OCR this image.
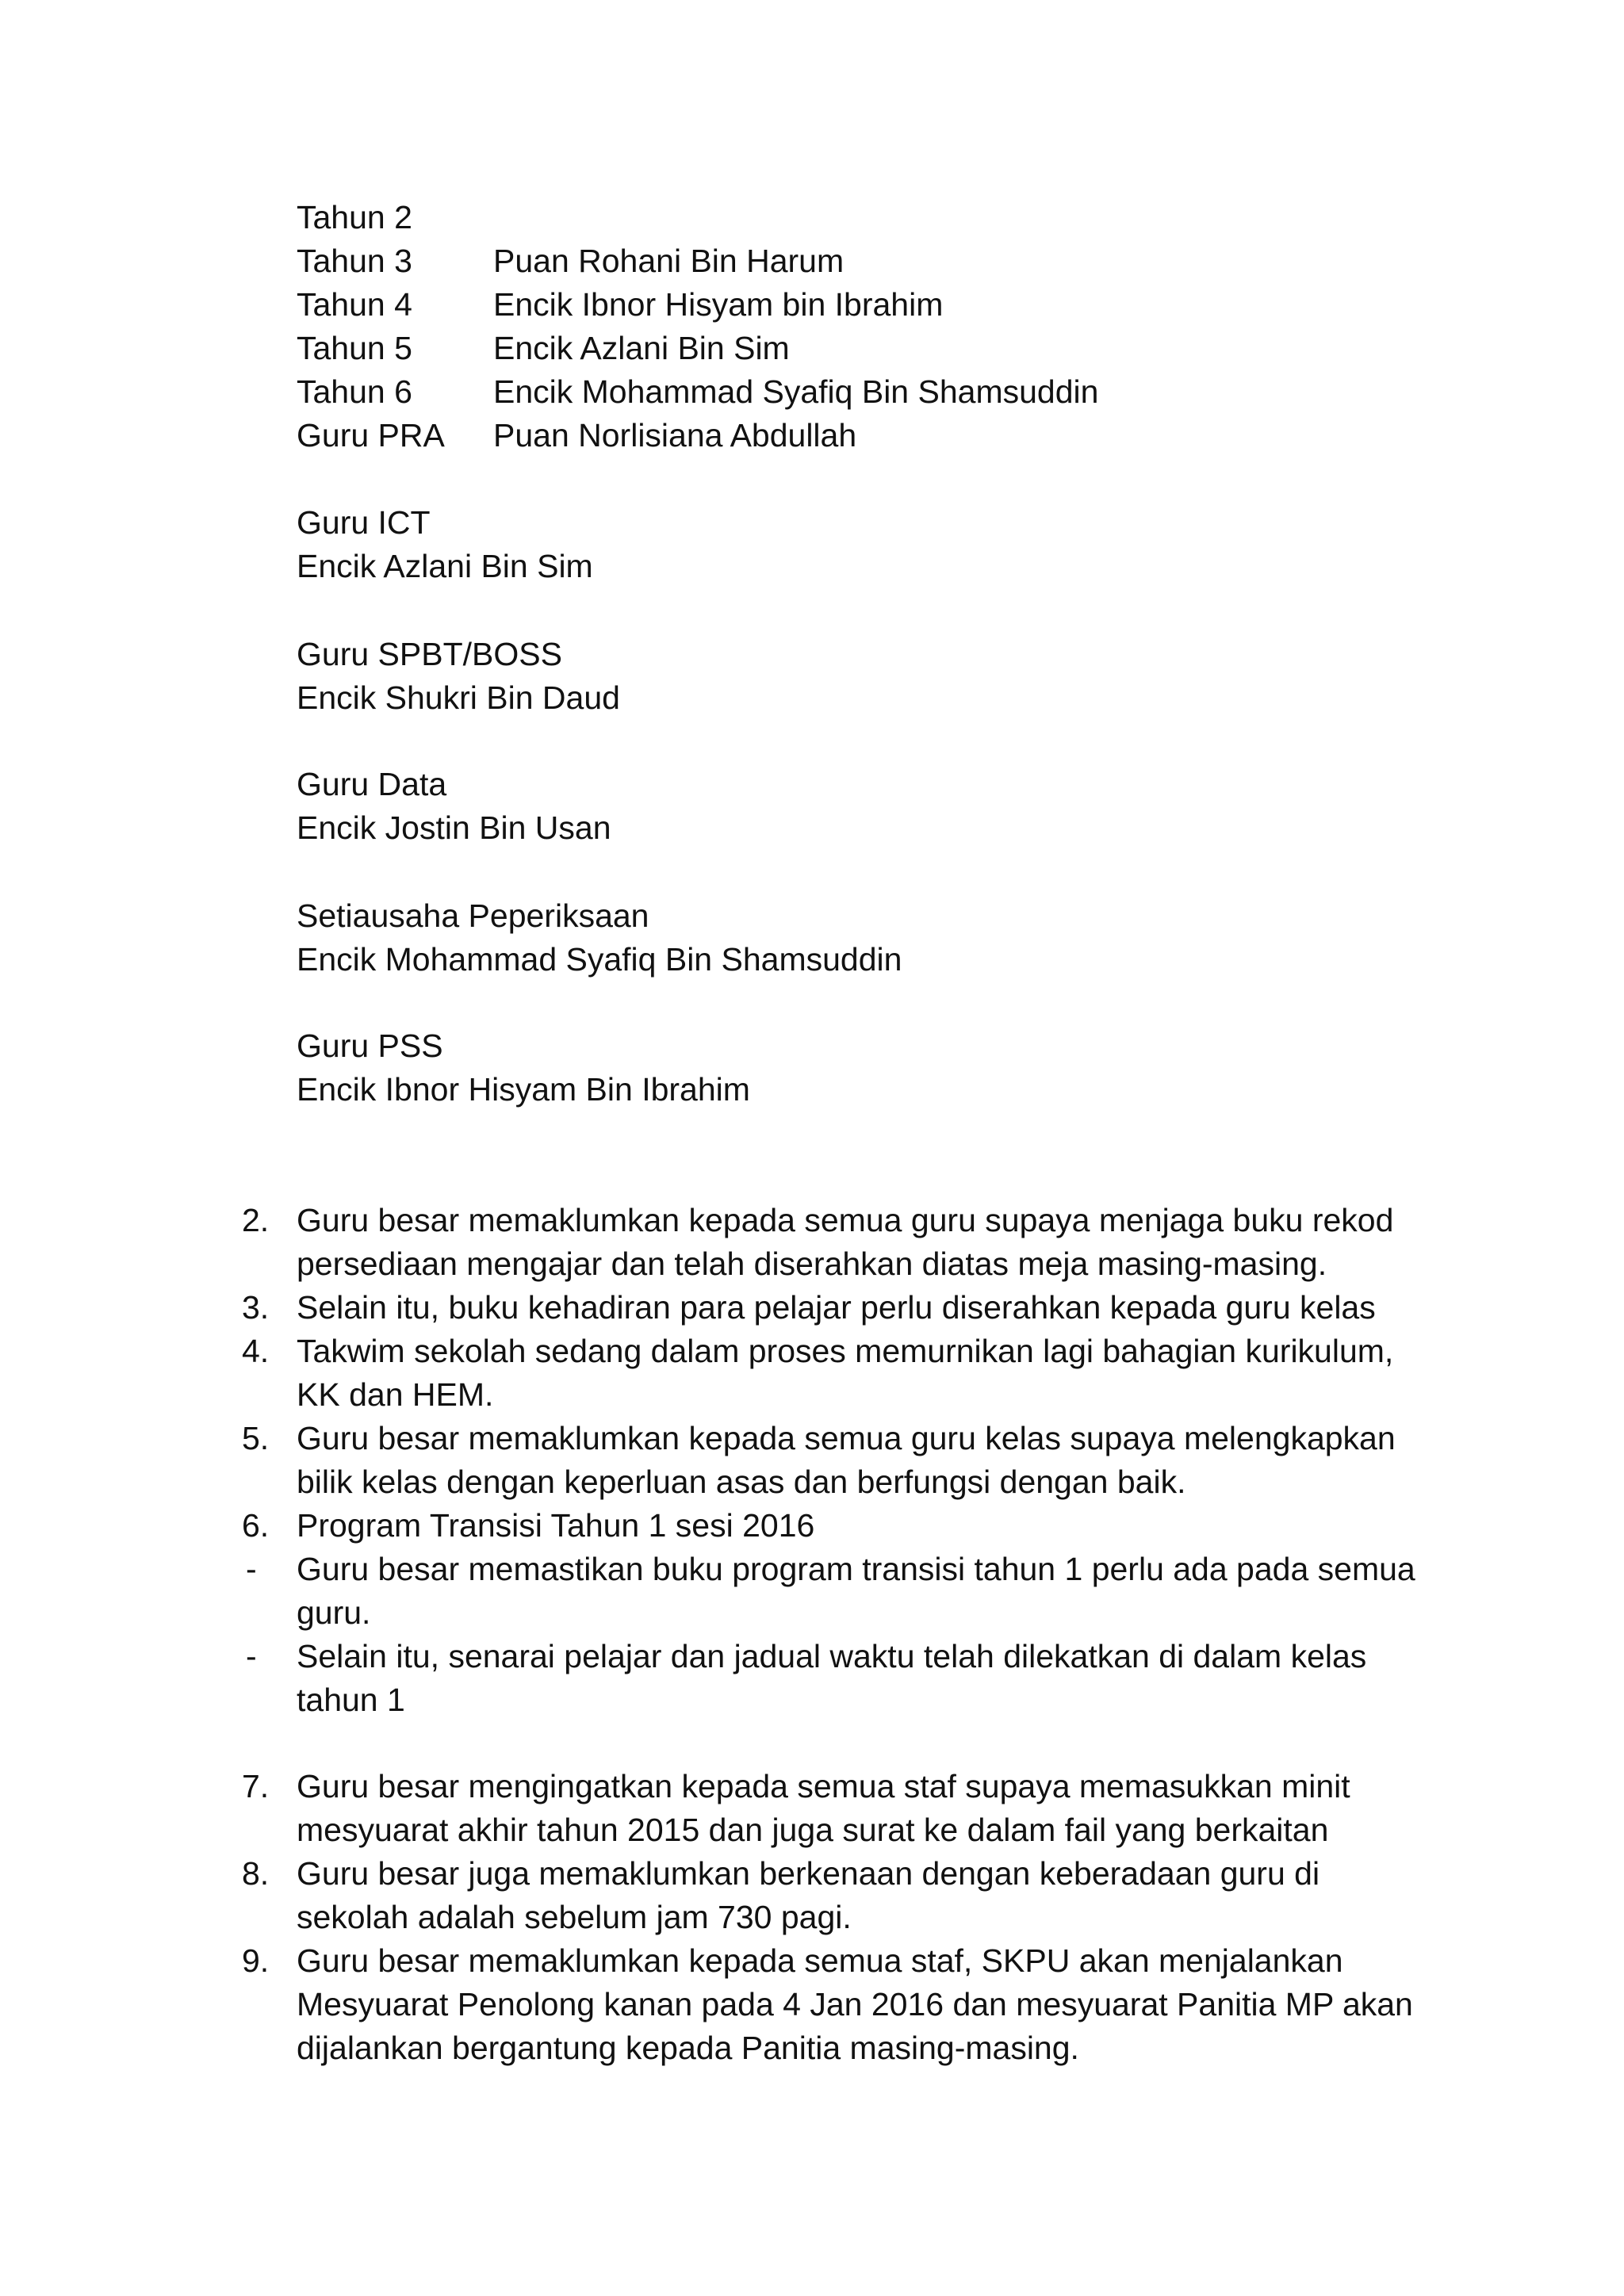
Tahun 2
Tahun 3 Puan Rohani Bin Harum
Tahun 4 Encik Ibnor Hisyam bin Ibrahim
Tahun 5 Encik Azlani Bin Sim
Tahun 6 Encik Mohammad Syafiq Bin Shamsuddin
Guru PRA Puan Norlisiana Abdullah
Guru ICT
Encik Azlani Bin Sim
Guru SPBT/BOSS
Encik Shukri Bin Daud
Guru Data
Encik Jostin Bin Usan
Setiausaha Peperiksaan
Encik Mohammad Syafiq Bin Shamsuddin
Guru PSS
Encik Ibnor Hisyam Bin Ibrahim
2. Guru besar memaklumkan kepada semua guru supaya menjaga buku rekod
persediaan mengajar dan telah diserahkan diatas meja masing-masing.
3. Selain itu, buku kehadiran para pelajar perlu diserahkan kepada guru kelas
4. Takwim sekolah sedang dalam proses memurnikan lagi bahagian kurikulum,
KK dan HEM.
5. Guru besar memaklumkan kepada semua guru kelas supaya melengkapkan
bilik kelas dengan keperluan asas dan berfungsi dengan baik.
6. Program Transisi Tahun 1 sesi 2016
- Guru besar memastikan buku program transisi tahun 1 perlu ada pada semua
guru.
- Selain itu, senarai pelajar dan jadual waktu telah dilekatkan di dalam kelas
tahun 1
7. Guru besar mengingatkan kepada semua staf supaya memasukkan minit
mesyuarat akhir tahun 2015 dan juga surat ke dalam fail yang berkaitan
8. Guru besar juga memaklumkan berkenaan dengan keberadaan guru di
sekolah adalah sebelum jam 730 pagi.
9. Guru besar memaklumkan kepada semua staf, SKPU akan menjalankan
Mesyuarat Penolong kanan pada 4 Jan 2016 dan mesyuarat Panitia MP akan
dijalankan bergantung kepada Panitia masing-masing.
